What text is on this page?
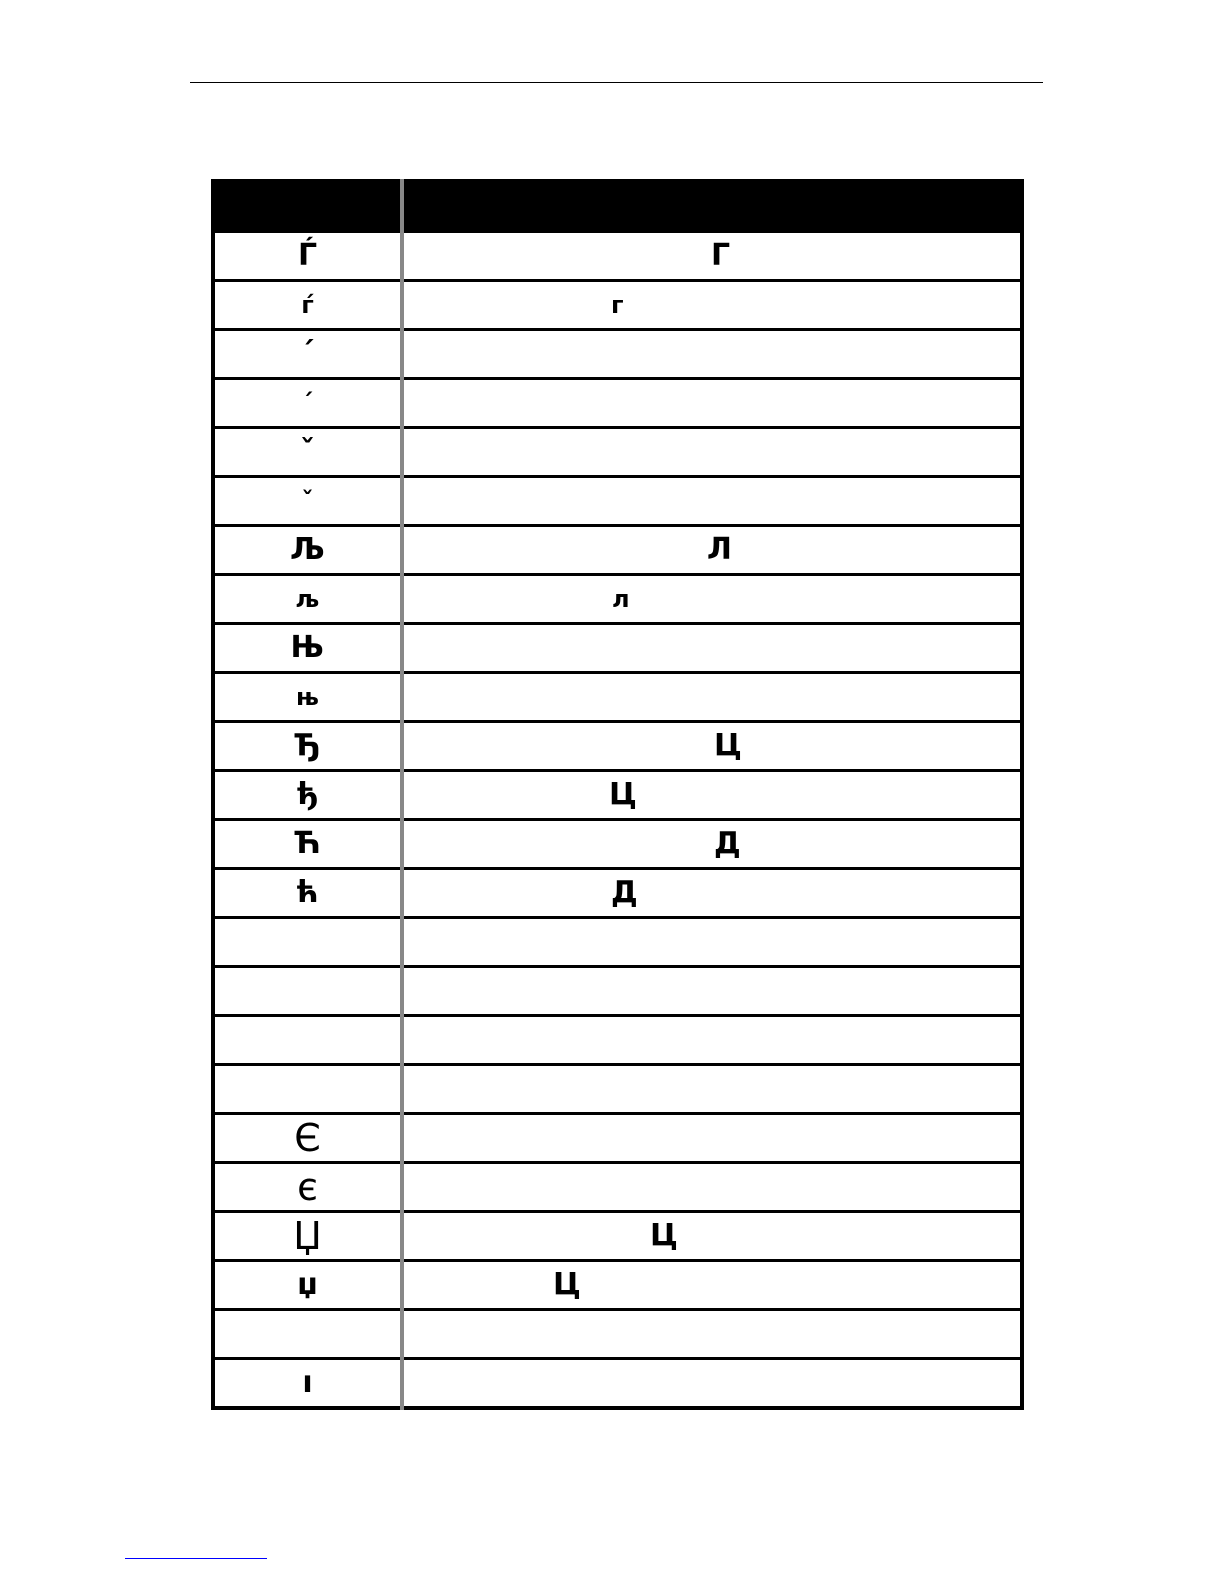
Ѓ	Г

ѓ	г

´	

´	

ˇ	

ˇ	

Љ	Л

љ	л

Њ	

њ	

Ђ	Ц

ђ	Ц

Ћ	Д

ћ	Д

Є	

є	

Џ	Ц

џ	Ц

ı	
